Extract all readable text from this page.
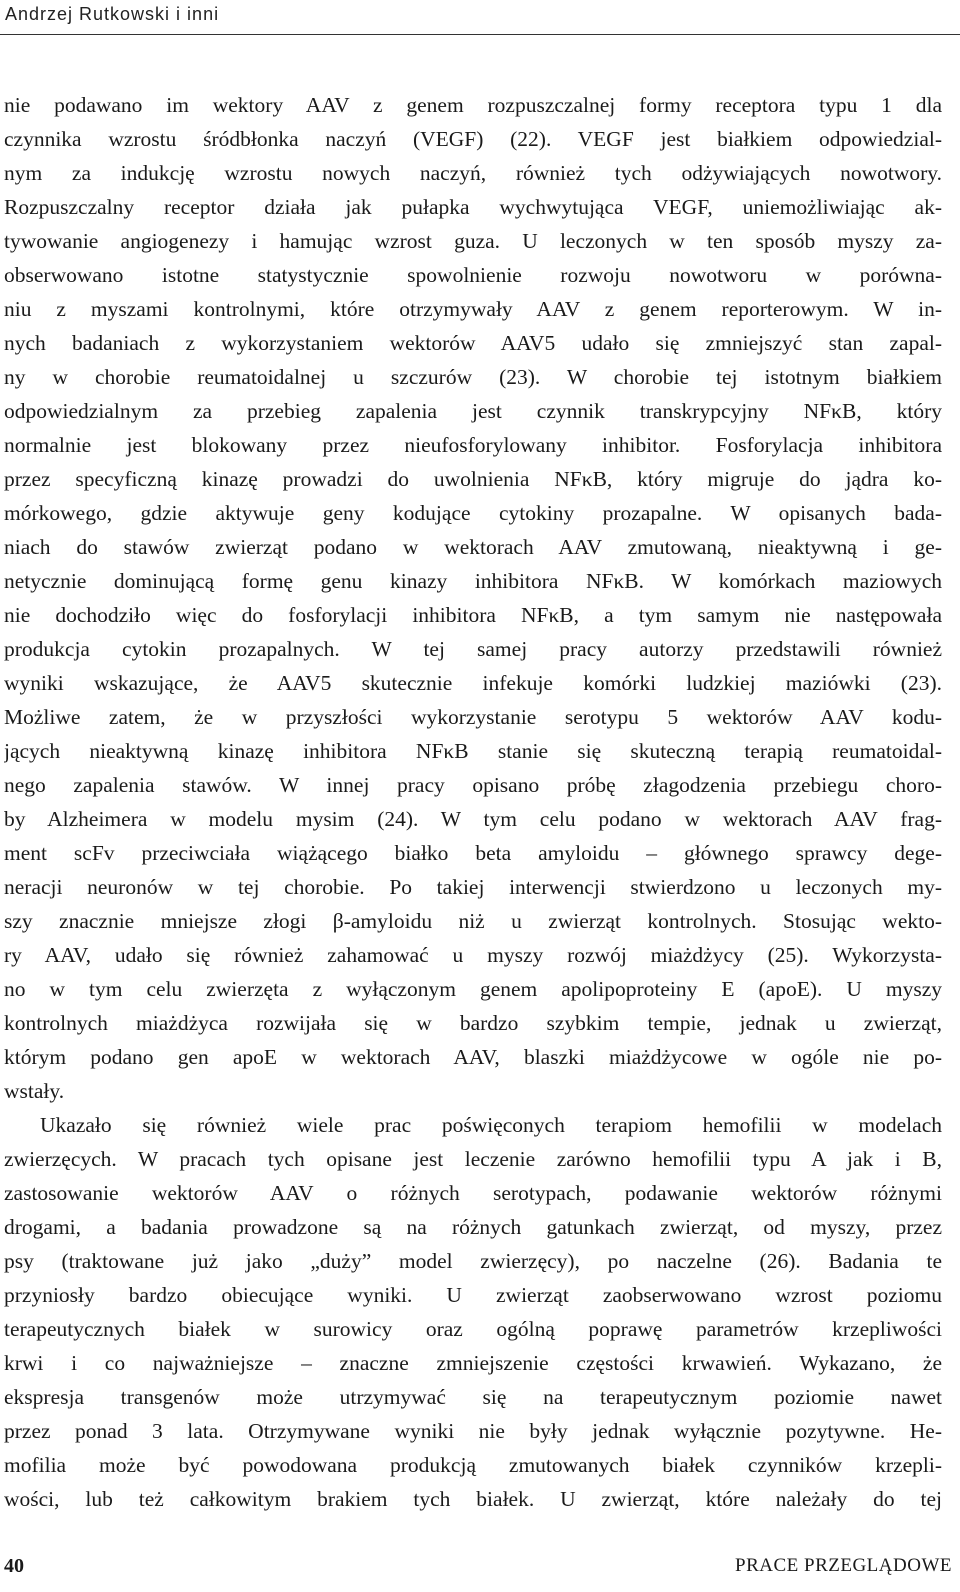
Andrzej Rutkowski i inni
nie podawano im wektory AAV z genem rozpuszczalnej formy receptora typu 1 dla
czynnika wzrostu śródbłonka naczyń (VEGF) (22). VEGF jest białkiem odpowiedzial-
nym za indukcję wzrostu nowych naczyń, również tych odżywiających nowotwory.
Rozpuszczalny receptor działa jak pułapka wychwytująca VEGF, uniemożliwiając ak-
tywowanie angiogenezy i hamując wzrost guza. U leczonych w ten sposób myszy za-
obserwowano istotne statystycznie spowolnienie rozwoju nowotworu w porówna-
niu z myszami kontrolnymi, które otrzymywały AAV z genem reporterowym. W in-
nych badaniach z wykorzystaniem wektorów AAV5 udało się zmniejszyć stan zapal-
ny w chorobie reumatoidalnej u szczurów (23). W chorobie tej istotnym białkiem
odpowiedzialnym za przebieg zapalenia jest czynnik transkrypcyjny NFκB, który
normalnie jest blokowany przez nieufosforylowany inhibitor. Fosforylacja inhibitora
przez specyficzną kinazę prowadzi do uwolnienia NFκB, który migruje do jądra ko-
mórkowego, gdzie aktywuje geny kodujące cytokiny prozapalne. W opisanych bada-
niach do stawów zwierząt podano w wektorach AAV zmutowaną, nieaktywną i ge-
netycznie dominującą formę genu kinazy inhibitora NFκB. W komórkach maziowych
nie dochodziło więc do fosforylacji inhibitora NFκB, a tym samym nie następowała
produkcja cytokin prozapalnych. W tej samej pracy autorzy przedstawili również
wyniki wskazujące, że AAV5 skutecznie infekuje komórki ludzkiej maziówki (23).
Możliwe zatem, że w przyszłości wykorzystanie serotypu 5 wektorów AAV kodu-
jących nieaktywną kinazę inhibitora NFκB stanie się skuteczną terapią reumatoidal-
nego zapalenia stawów. W innej pracy opisano próbę złagodzenia przebiegu choro-
by Alzheimera w modelu mysim (24). W tym celu podano w wektorach AAV frag-
ment scFv przeciwciała wiążącego białko beta amyloidu – głównego sprawcy dege-
neracji neuronów w tej chorobie. Po takiej interwencji stwierdzono u leczonych my-
szy znacznie mniejsze złogi β-amyloidu niż u zwierząt kontrolnych. Stosując wekto-
ry AAV, udało się również zahamować u myszy rozwój miażdżycy (25). Wykorzysta-
no w tym celu zwierzęta z wyłączonym genem apolipoproteiny E (apoE). U myszy
kontrolnych miażdżyca rozwijała się w bardzo szybkim tempie, jednak u zwierząt,
którym podano gen apoE w wektorach AAV, blaszki miażdżycowe w ogóle nie po-
wstały.
Ukazało się również wiele prac poświęconych terapiom hemofilii w modelach
zwierzęcych. W pracach tych opisane jest leczenie zarówno hemofilii typu A jak i B,
zastosowanie wektorów AAV o różnych serotypach, podawanie wektorów różnymi
drogami, a badania prowadzone są na różnych gatunkach zwierząt, od myszy, przez
psy (traktowane już jako „duży” model zwierzęcy), po naczelne (26). Badania te
przyniosły bardzo obiecujące wyniki. U zwierząt zaobserwowano wzrost poziomu
terapeutycznych białek w surowicy oraz ogólną poprawę parametrów krzepliwości
krwi i co najważniejsze – znaczne zmniejszenie częstości krwawień. Wykazano, że
ekspresja transgenów może utrzymywać się na terapeutycznym poziomie nawet
przez ponad 3 lata. Otrzymywane wyniki nie były jednak wyłącznie pozytywne. He-
mofilia może być powodowana produkcją zmutowanych białek czynników krzepli-
wości, lub też całkowitym brakiem tych białek. U zwierząt, które należały do tej
40	PRACE PRZEGLĄDOWE
